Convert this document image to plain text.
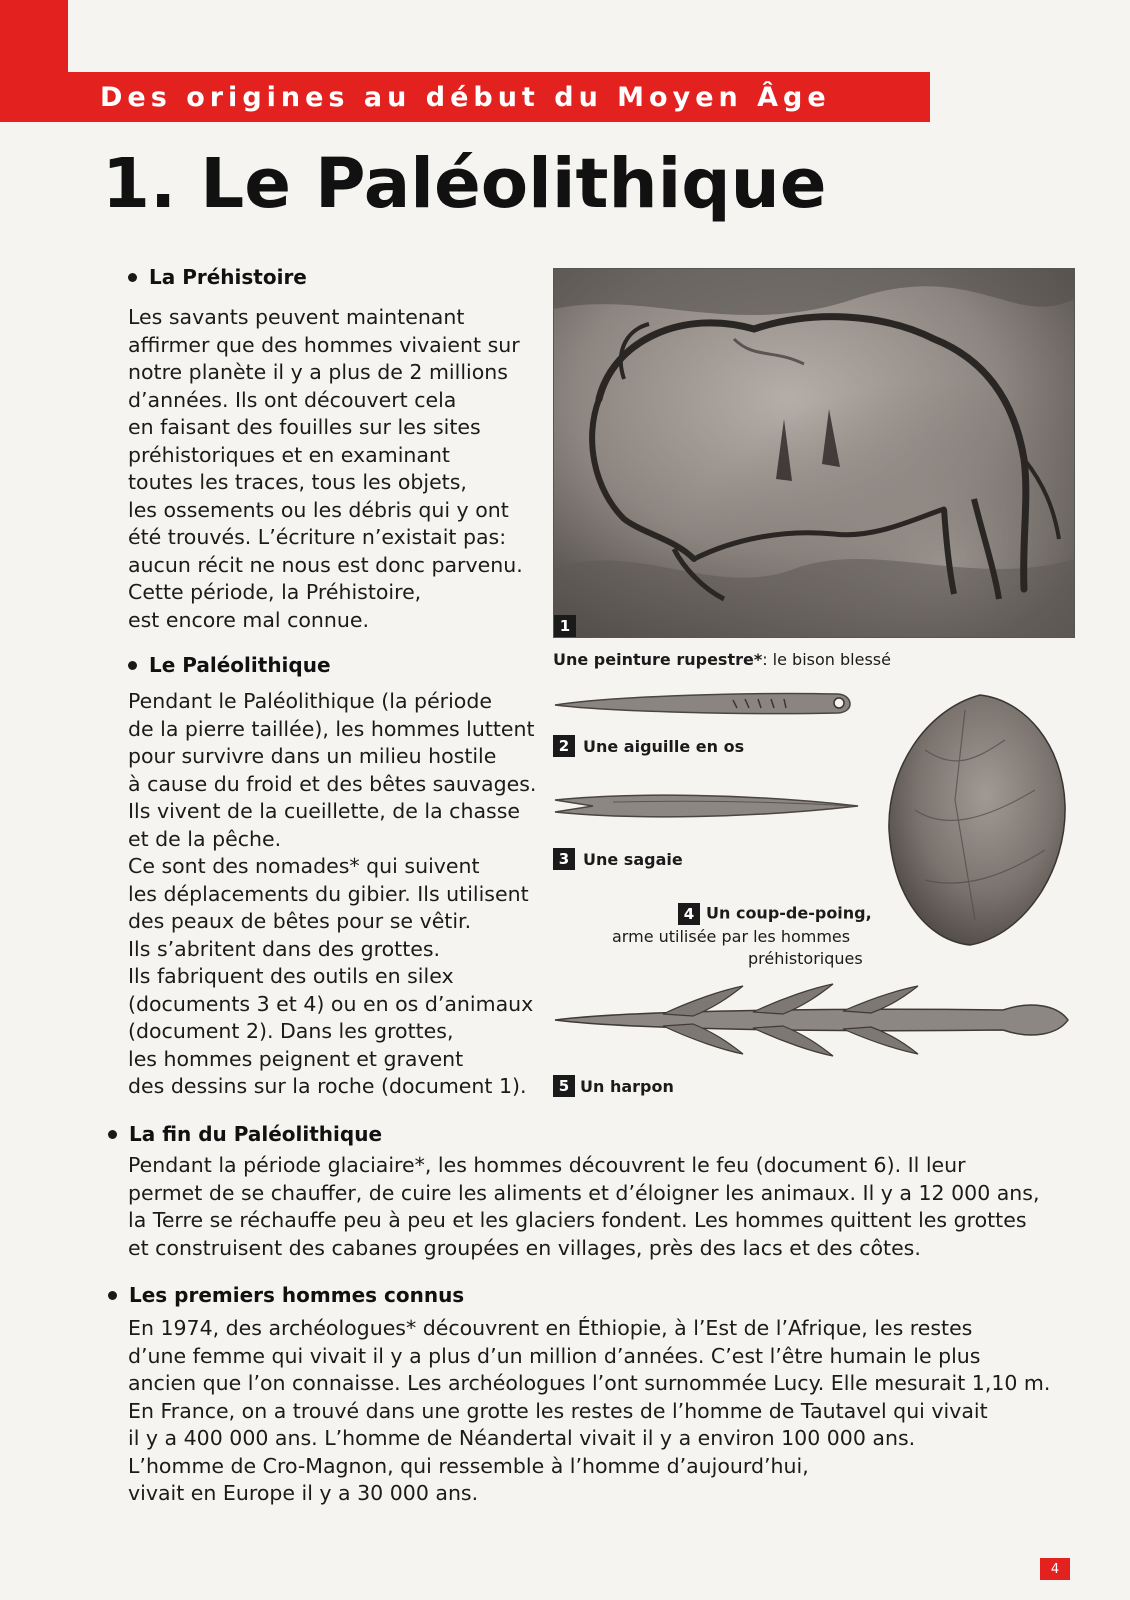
Des origines au début du Moyen Âge
1. Le Paléolithique
La Préhistoire
Les savants peuvent maintenant
affirmer que des hommes vivaient sur
notre planète il y a plus de 2 millions
d’années. Ils ont découvert cela
en faisant des fouilles sur les sites
préhistoriques et en examinant
toutes les traces, tous les objets,
les ossements ou les débris qui y ont
été trouvés. L’écriture n’existait pas:
aucun récit ne nous est donc parvenu.
Cette période, la Préhistoire,
est encore mal connue.
Le Paléolithique
Pendant le Paléolithique (la période
de la pierre taillée), les hommes luttent
pour survivre dans un milieu hostile
à cause du froid et des bêtes sauvages.
Ils vivent de la cueillette, de la chasse
et de la pêche.
Ce sont des nomades* qui suivent
les déplacements du gibier. Ils utilisent
des peaux de bêtes pour se vêtir.
Ils s’abritent dans des grottes.
Ils fabriquent des outils en silex
(documents 3 et 4) ou en os d’animaux
(document 2). Dans les grottes,
les hommes peignent et gravent
des dessins sur la roche (document 1).
La fin du Paléolithique
Pendant la période glaciaire*, les hommes découvrent le feu (document 6). Il leur
permet de se chauffer, de cuire les aliments et d’éloigner les animaux. Il y a 12 000 ans,
la Terre se réchauffe peu à peu et les glaciers fondent. Les hommes quittent les grottes
et construisent des cabanes groupées en villages, près des lacs et des côtes.
Les premiers hommes connus
En 1974, des archéologues* découvrent en Éthiopie, à l’Est de l’Afrique, les restes
d’une femme qui vivait il y a plus d’un million d’années. C’est l’être humain le plus
ancien que l’on connaisse. Les archéologues l’ont surnommée Lucy. Elle mesurait 1,10 m.
En France, on a trouvé dans une grotte les restes de l’homme de Tautavel qui vivait
il y a 400 000 ans. L’homme de Néandertal vivait il y a environ 100 000 ans.
L’homme de Cro-Magnon, qui ressemble à l’homme d’aujourd’hui,
vivait en Europe il y a 30 000 ans.
1
Une peinture rupestre*: le bison blessé
2 Une aiguille en os
3 Une sagaie
4 Un coup-de-poing,
arme utilisée par les hommes
préhistoriques
5 Un harpon
4
